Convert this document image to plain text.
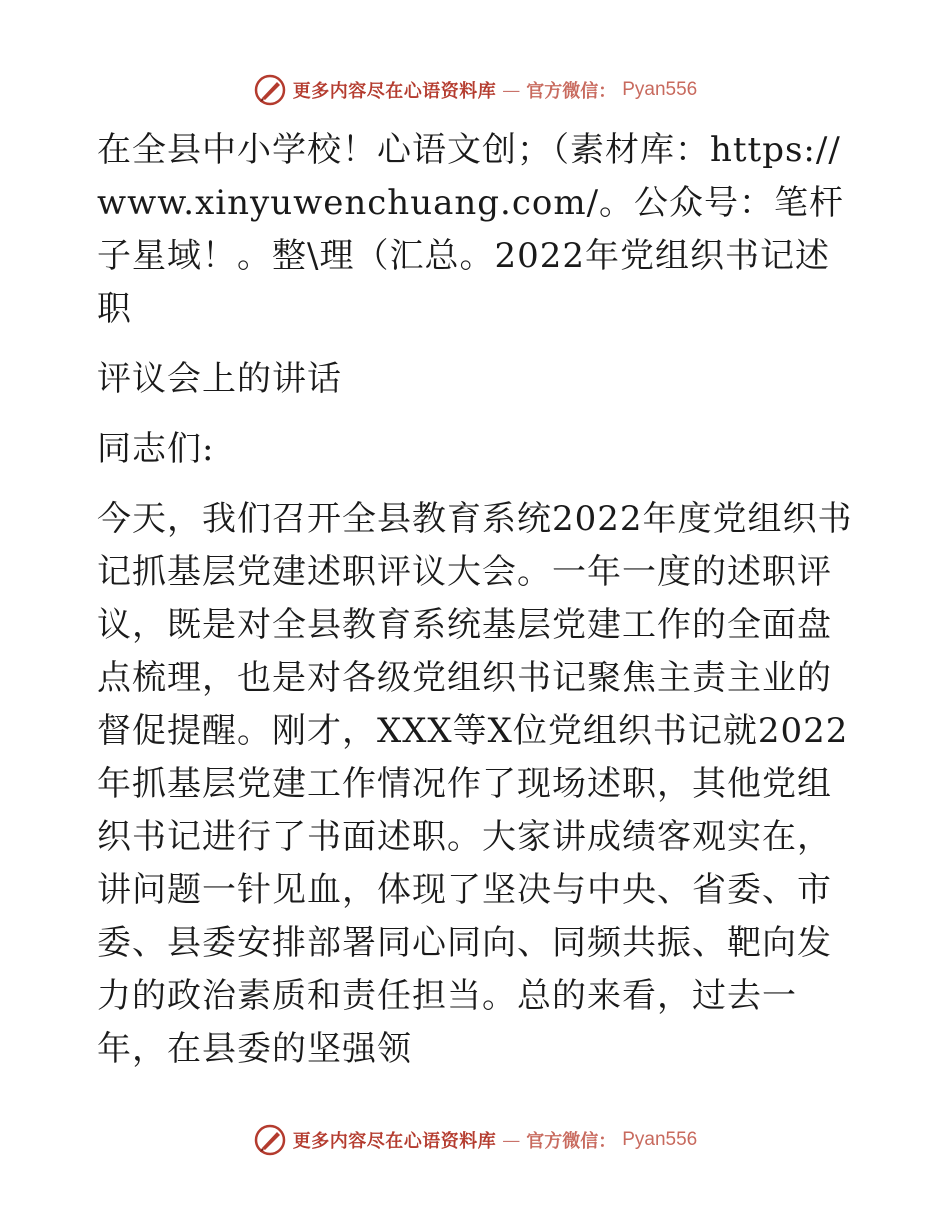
更多内容尽在心语资料库 — 官方微信： Pyan556

在全县中小学校！心语文创；（素材库：https://www.xinyuwenchuang.com/。公众号：笔杆子星域！。整\理（汇总。2022年党组织书记述职

评议会上的讲话

同志们:

今天，我们召开全县教育系统2022年度党组织书记抓基层党建述职评议大会。一年一度的述职评议，既是对全县教育系统基层党建工作的全面盘点梳理，也是对各级党组织书记聚焦主责主业的督促提醒。刚才，XXX等X位党组织书记就2022年抓基层党建工作情况作了现场述职，其他党组织书记进行了书面述职。大家讲成绩客观实在，讲问题一针见血，体现了坚决与中央、省委、市委、县委安排部署同心同向、同频共振、靶向发力的政治素质和责任担当。总的来看，过去一年，在县委的坚强领

更多内容尽在心语资料库 — 官方微信： Pyan556
